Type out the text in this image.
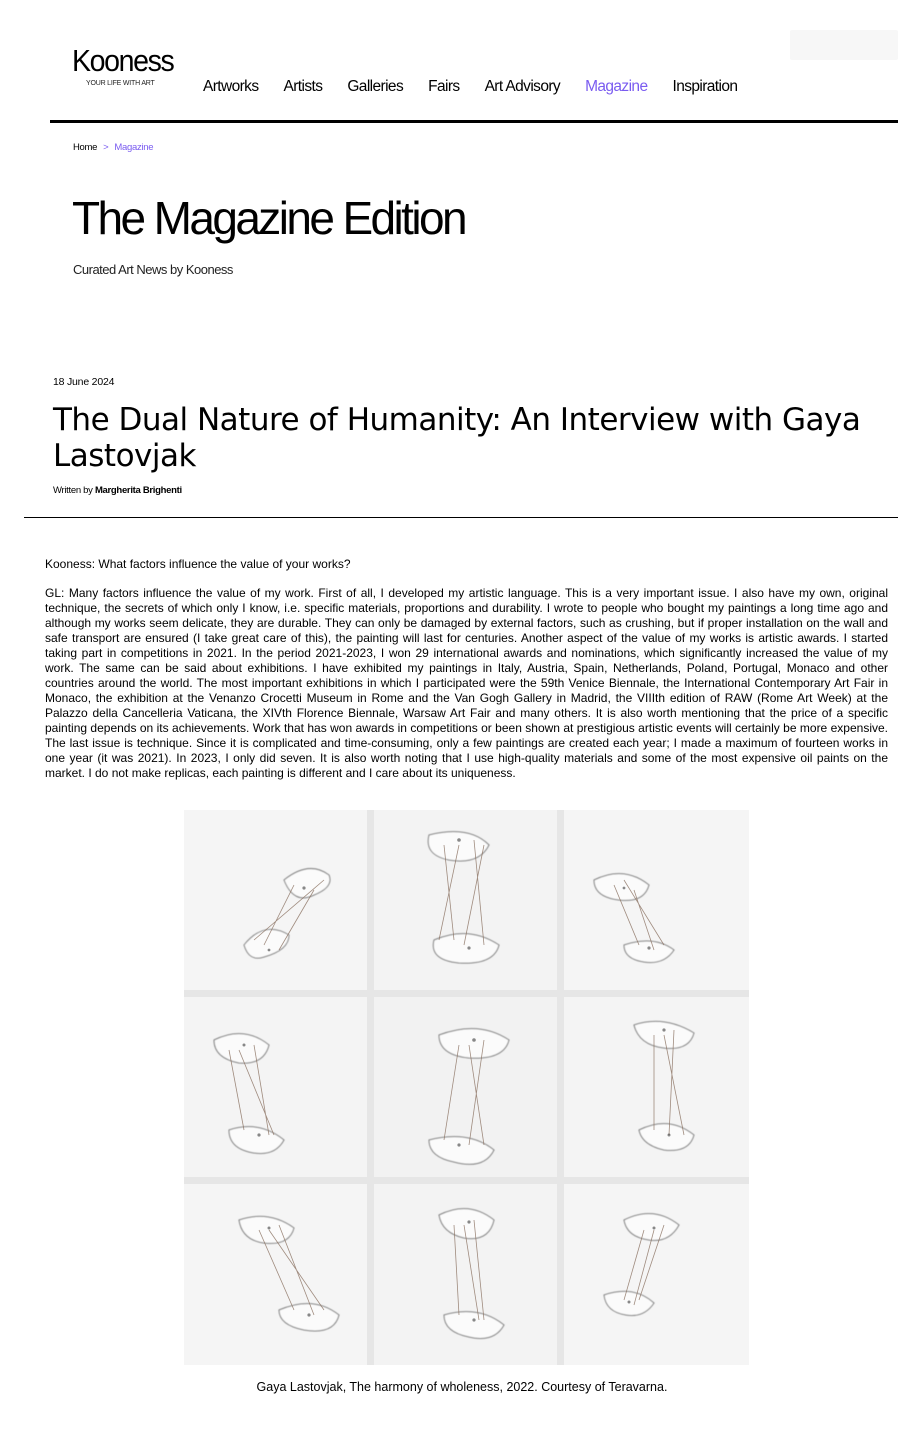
Kooness
YOUR LIFE WITH ART	Artworks Artists Galleries Fairs Art Advisory Magazine Inspiration
Home > Magazine
The Magazine Edition
Curated Art News by Kooness
18 June 2024
The Dual Nature of Humanity: An Interview with Gaya Lastovjak
Written by Margherita Brighenti

Kooness: What factors influence the value of your works?

GL: Many factors influence the value of my work. First of all, I developed my artistic language. This is a very important issue. I also have my own, original technique, the secrets of which only I know, i.e. specific materials, proportions and durability. I wrote to people who bought my paintings a long time ago and although my works seem delicate, they are durable. They can only be damaged by external factors, such as crushing, but if proper installation on the wall and safe transport are ensured (I take great care of this), the painting will last for centuries. Another aspect of the value of my works is artistic awards. I started taking part in competitions in 2021. In the period 2021-2023, I won 29 international awards and nominations, which significantly increased the value of my work. The same can be said about exhibitions. I have exhibited my paintings in Italy, Austria, Spain, Netherlands, Poland, Portugal, Monaco and other countries around the world. The most important exhibitions in which I participated were the 59th Venice Biennale, the International Contemporary Art Fair in Monaco, the exhibition at the Venanzo Crocetti Museum in Rome and the Van Gogh Gallery in Madrid, the VIIIth edition of RAW (Rome Art Week) at the Palazzo della Cancelleria Vaticana, the XIVth Florence Biennale, Warsaw Art Fair and many others. It is also worth mentioning that the price of a specific painting depends on its achievements. Work that has won awards in competitions or been shown at prestigious artistic events will certainly be more expensive. The last issue is technique. Since it is complicated and time-consuming, only a few paintings are created each year; I made a maximum of fourteen works in one year (it was 2021). In 2023, I only did seven. It is also worth noting that I use high-quality materials and some of the most expensive oil paints on the market. I do not make replicas, each painting is different and I care about its uniqueness.

Gaya Lastovjak, The harmony of wholeness, 2022. Courtesy of Teravarna.
